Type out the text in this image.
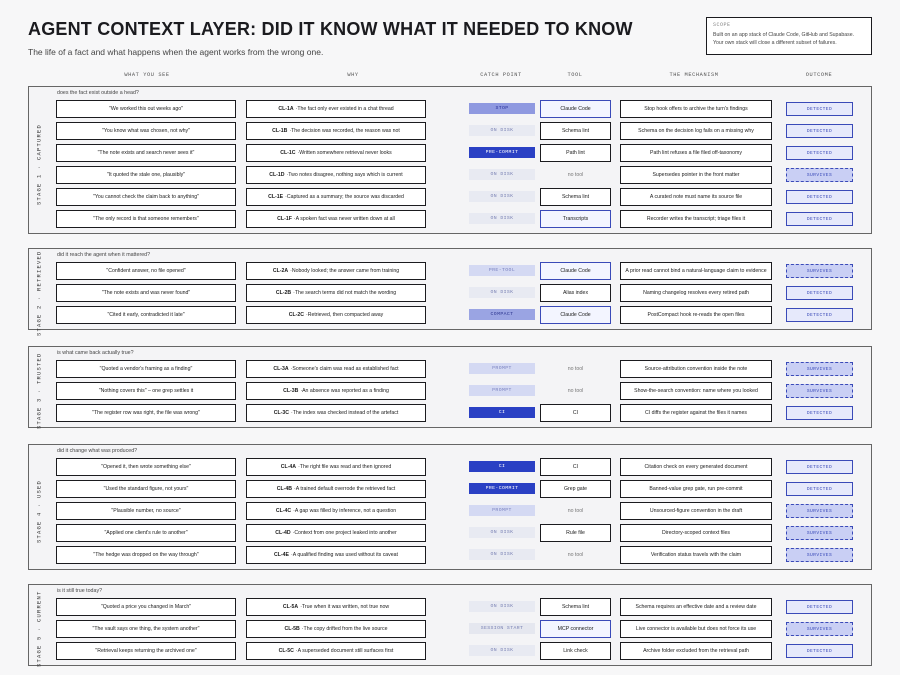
AGENT CONTEXT LAYER: DID IT KNOW WHAT IT NEEDED TO KNOW
The life of a fact and what happens when the agent works from the wrong one.
SCOPE
Built on an app stack of Claude Code, GitHub and Supabase. Your own stack will close a different subset of failures.
WHAT YOU SEE	WHY	CATCH POINT	TOOL	THE MECHANISM	OUTCOME
STAGE 1 · CAPTURED
does the fact exist outside a head?
"We worked this out weeks ago"	CL-1A · The fact only ever existed in a chat thread	STOP	Claude Code	Stop hook offers to archive the turn's findings	DETECTED
"You know what was chosen, not why"	CL-1B · The decision was recorded, the reason was not	ON DISK	Schema lint	Schema on the decision log fails on a missing why	DETECTED
"The note exists and search never sees it"	CL-1C · Written somewhere retrieval never looks	PRE-COMMIT	Path lint	Path lint refuses a file filed off-taxonomy	DETECTED
"It quoted the stale one, plausibly"	CL-1D · Two notes disagree, nothing says which is current	ON DISK	no tool	Supersedes pointer in the front matter	SURVIVES
"You cannot check the claim back to anything"	CL-1E · Captured as a summary; the source was discarded	ON DISK	Schema lint	A curated note must name its source file	DETECTED
"The only record is that someone remembers"	CL-1F · A spoken fact was never written down at all	ON DISK	Transcripts	Recorder writes the transcript; triage files it	DETECTED
STAGE 2 · RETRIEVED	did it reach the agent when it mattered?
"Confident answer, no file opened"	CL-2A · Nobody looked; the answer came from training	PRE-TOOL	Claude Code	A prior read cannot bind a natural-language claim to evidence	SURVIVES
"The note exists and was never found"	CL-2B · The search terms did not match the wording	ON DISK	Alias index	Naming changelog resolves every retired path	DETECTED
"Cited it early, contradicted it late"	CL-2C · Retrieved, then compacted away	COMPACT	Claude Code	PostCompact hook re-reads the open files	DETECTED
STAGE 3 · TRUSTED	is what came back actually true?
"Quoted a vendor's framing as a finding"	CL-3A · Someone's claim was read as established fact	PROMPT	no tool	Source-attribution convention inside the note	SURVIVES
"Nothing covers this" – one grep settles it	CL-3B · An absence was reported as a finding	PROMPT	no tool	Show-the-search convention: name where you looked	SURVIVES
"The register row was right, the file was wrong"	CL-3C · The index was checked instead of the artefact	CI	CI	CI diffs the register against the files it names	DETECTED
STAGE 4 · USED
did it change what was produced?
"Opened it, then wrote something else"	CL-4A · The right file was read and then ignored	CI	CI	Citation check on every generated document	DETECTED
"Used the standard figure, not yours"	CL-4B · A trained default overrode the retrieved fact	PRE-COMMIT	Grep gate	Banned-value grep gate, run pre-commit	DETECTED
"Plausible number, no source"	CL-4C · A gap was filled by inference, not a question	PROMPT	no tool	Unsourced-figure convention in the draft	SURVIVES
"Applied one client's rule to another"	CL-4D · Context from one project leaked into another	ON DISK	Rule file	Directory-scoped context files	SURVIVES
"The hedge was dropped on the way through"	CL-4E · A qualified finding was used without its caveat	ON DISK	no tool	Verification status travels with the claim	SURVIVES
STAGE 5 · CURRENT	is it still true today?
"Quoted a price you changed in March"	CL-5A · True when it was written, not true now	ON DISK	Schema lint	Schema requires an effective date and a review date	DETECTED
"The vault says one thing, the system another"	CL-5B · The copy drifted from the live source	SESSION START	MCP connector	Live connector is available but does not force its use	SURVIVES
"Retrieval keeps returning the archived one"	CL-5C · A superseded document still surfaces first	ON DISK	Link check	Archive folder excluded from the retrieval path	DETECTED
